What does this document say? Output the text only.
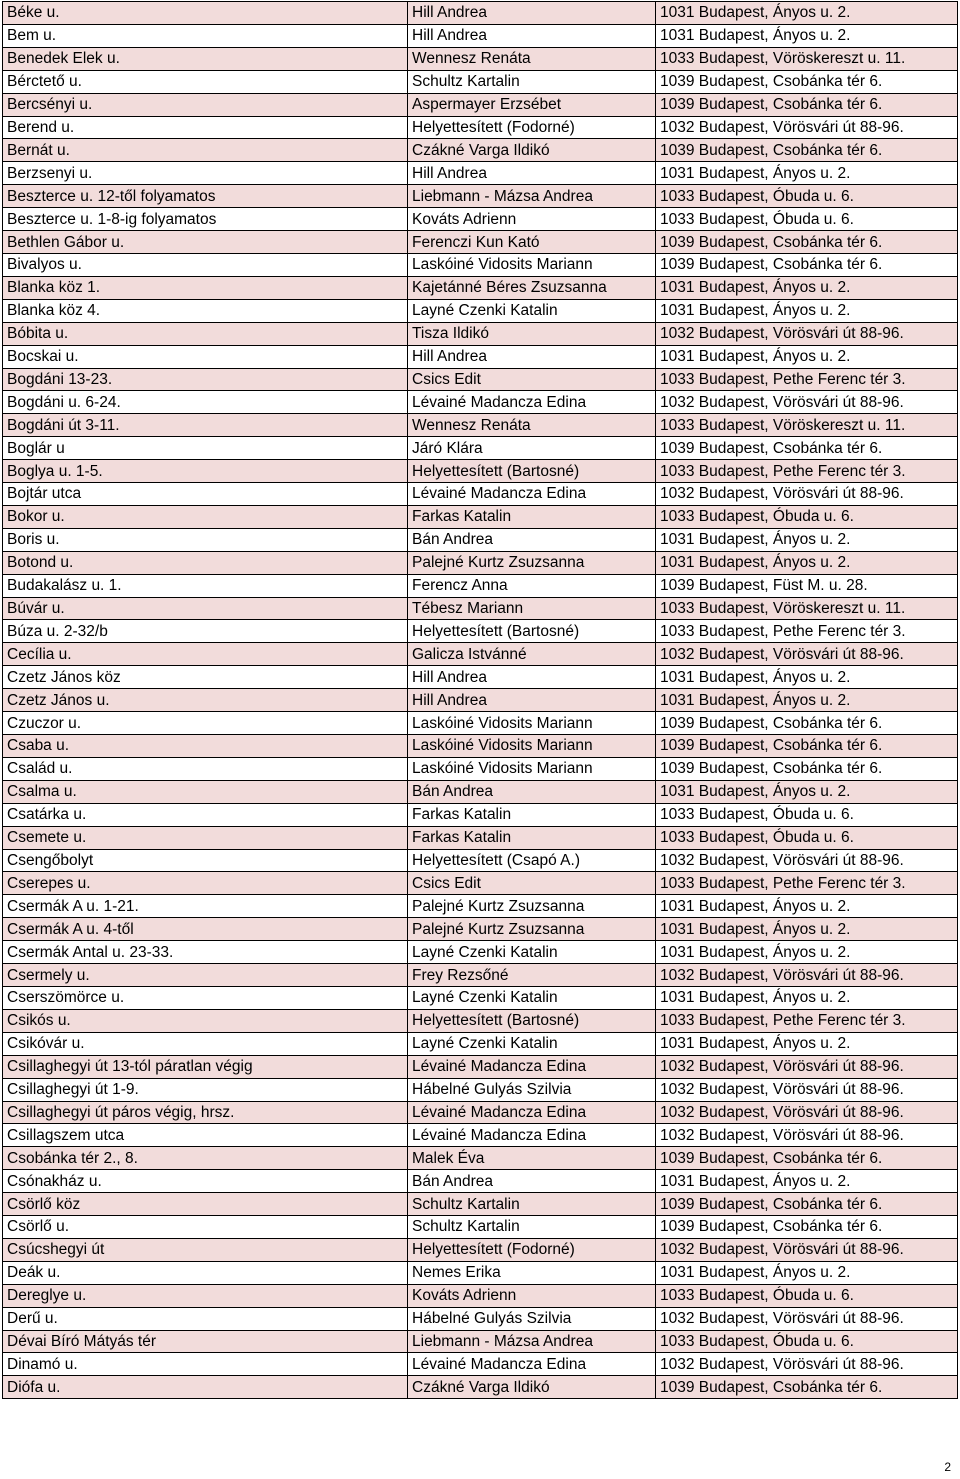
Béke u.	Hill Andrea	1031 Budapest, Ányos u. 2.
Bem u.	Hill Andrea	1031 Budapest, Ányos u. 2.
Benedek Elek u.	Wennesz Renáta	1033 Budapest, Vöröskereszt u. 11.
Bérctető u.	Schultz Kartalin	1039 Budapest, Csobánka tér 6.
Bercsényi u.	Aspermayer Erzsébet	1039 Budapest, Csobánka tér 6.
Berend u.	Helyettesített (Fodorné)	1032 Budapest, Vörösvári út 88-96.
Bernát u.	Czákné Varga Ildikó	1039 Budapest, Csobánka tér 6.
Berzsenyi u.	Hill Andrea	1031 Budapest, Ányos u. 2.
Beszterce u. 12-től folyamatos	Liebmann - Mázsa Andrea	1033 Budapest, Óbuda u. 6.
Beszterce u. 1-8-ig folyamatos	Kováts Adrienn	1033 Budapest, Óbuda u. 6.
Bethlen Gábor u.	Ferenczi Kun Kató	1039 Budapest, Csobánka tér 6.
Bivalyos u.	Laskóiné Vidosits Mariann	1039 Budapest, Csobánka tér 6.
Blanka köz 1.	Kajetánné Béres Zsuzsanna	1031 Budapest, Ányos u. 2.
Blanka köz 4.	Layné Czenki Katalin	1031 Budapest, Ányos u. 2.
Bóbita u.	Tisza Ildikó	1032 Budapest, Vörösvári út 88-96.
Bocskai u.	Hill Andrea	1031 Budapest, Ányos u. 2.
Bogdáni 13-23.	Csics Edit	1033 Budapest, Pethe Ferenc tér 3.
Bogdáni u. 6-24.	Lévainé Madancza Edina	1032 Budapest, Vörösvári út 88-96.
Bogdáni út 3-11.	Wennesz Renáta	1033 Budapest, Vöröskereszt u. 11.
Boglár u	Járó Klára	1039 Budapest, Csobánka tér 6.
Boglya u. 1-5.	Helyettesített (Bartosné)	1033 Budapest, Pethe Ferenc tér 3.
Bojtár utca	Lévainé Madancza Edina	1032 Budapest, Vörösvári út 88-96.
Bokor u.	Farkas Katalin	1033 Budapest, Óbuda u. 6.
Boris u.	Bán Andrea	1031 Budapest, Ányos u. 2.
Botond u.	Palejné Kurtz Zsuzsanna	1031 Budapest, Ányos u. 2.
Budakalász u. 1.	Ferencz Anna	1039 Budapest, Füst M. u. 28.
Búvár u.	Tébesz Mariann	1033 Budapest, Vöröskereszt u. 11.
Búza u. 2-32/b	Helyettesített (Bartosné)	1033 Budapest, Pethe Ferenc tér 3.
Cecília u.	Galicza Istvánné	1032 Budapest, Vörösvári út 88-96.
Czetz János köz	Hill Andrea	1031 Budapest, Ányos u. 2.
Czetz János u.	Hill Andrea	1031 Budapest, Ányos u. 2.
Czuczor u.	Laskóiné Vidosits Mariann	1039 Budapest, Csobánka tér 6.
Csaba u.	Laskóiné Vidosits Mariann	1039 Budapest, Csobánka tér 6.
Család u.	Laskóiné Vidosits Mariann	1039 Budapest, Csobánka tér 6.
Csalma u.	Bán Andrea	1031 Budapest, Ányos u. 2.
Csatárka u.	Farkas Katalin	1033 Budapest, Óbuda u. 6.
Csemete u.	Farkas Katalin	1033 Budapest, Óbuda u. 6.
Csengőbolyt	Helyettesített (Csapó A.)	1032 Budapest, Vörösvári út 88-96.
Cserepes u.	Csics Edit	1033 Budapest, Pethe Ferenc tér 3.
Csermák A u. 1-21.	Palejné Kurtz Zsuzsanna	1031 Budapest, Ányos u. 2.
Csermák A u. 4-től	Palejné Kurtz Zsuzsanna	1031 Budapest, Ányos u. 2.
Csermák Antal u. 23-33.	Layné Czenki Katalin	1031 Budapest, Ányos u. 2.
Csermely u.	Frey Rezsőné	1032 Budapest, Vörösvári út 88-96.
Cserszömörce u.	Layné Czenki Katalin	1031 Budapest, Ányos u. 2.
Csikós u.	Helyettesített (Bartosné)	1033 Budapest, Pethe Ferenc tér 3.
Csikóvár u.	Layné Czenki Katalin	1031 Budapest, Ányos u. 2.
Csillaghegyi út 13-tól páratlan végig	Lévainé Madancza Edina	1032 Budapest, Vörösvári út 88-96.
Csillaghegyi út 1-9.	Hábelné Gulyás Szilvia	1032 Budapest, Vörösvári út 88-96.
Csillaghegyi út páros végig, hrsz.	Lévainé Madancza Edina	1032 Budapest, Vörösvári út 88-96.
Csillagszem utca	Lévainé Madancza Edina	1032 Budapest, Vörösvári út 88-96.
Csobánka tér 2., 8.	Malek Éva	1039 Budapest, Csobánka tér 6.
Csónakház u.	Bán Andrea	1031 Budapest, Ányos u. 2.
Csörlő köz	Schultz Kartalin	1039 Budapest, Csobánka tér 6.
Csörlő u.	Schultz Kartalin	1039 Budapest, Csobánka tér 6.
Csúcshegyi út	Helyettesített (Fodorné)	1032 Budapest, Vörösvári út 88-96.
Deák u.	Nemes Erika	1031 Budapest, Ányos u. 2.
Dereglye u.	Kováts Adrienn	1033 Budapest, Óbuda u. 6.
Derű u.	Hábelné Gulyás Szilvia	1032 Budapest, Vörösvári út 88-96.
Dévai Bíró Mátyás tér	Liebmann - Mázsa Andrea	1033 Budapest, Óbuda u. 6.
Dinamó u.	Lévainé Madancza Edina	1032 Budapest, Vörösvári út 88-96.
Diófa u.	Czákné Varga Ildikó	1039 Budapest, Csobánka tér 6.
2
